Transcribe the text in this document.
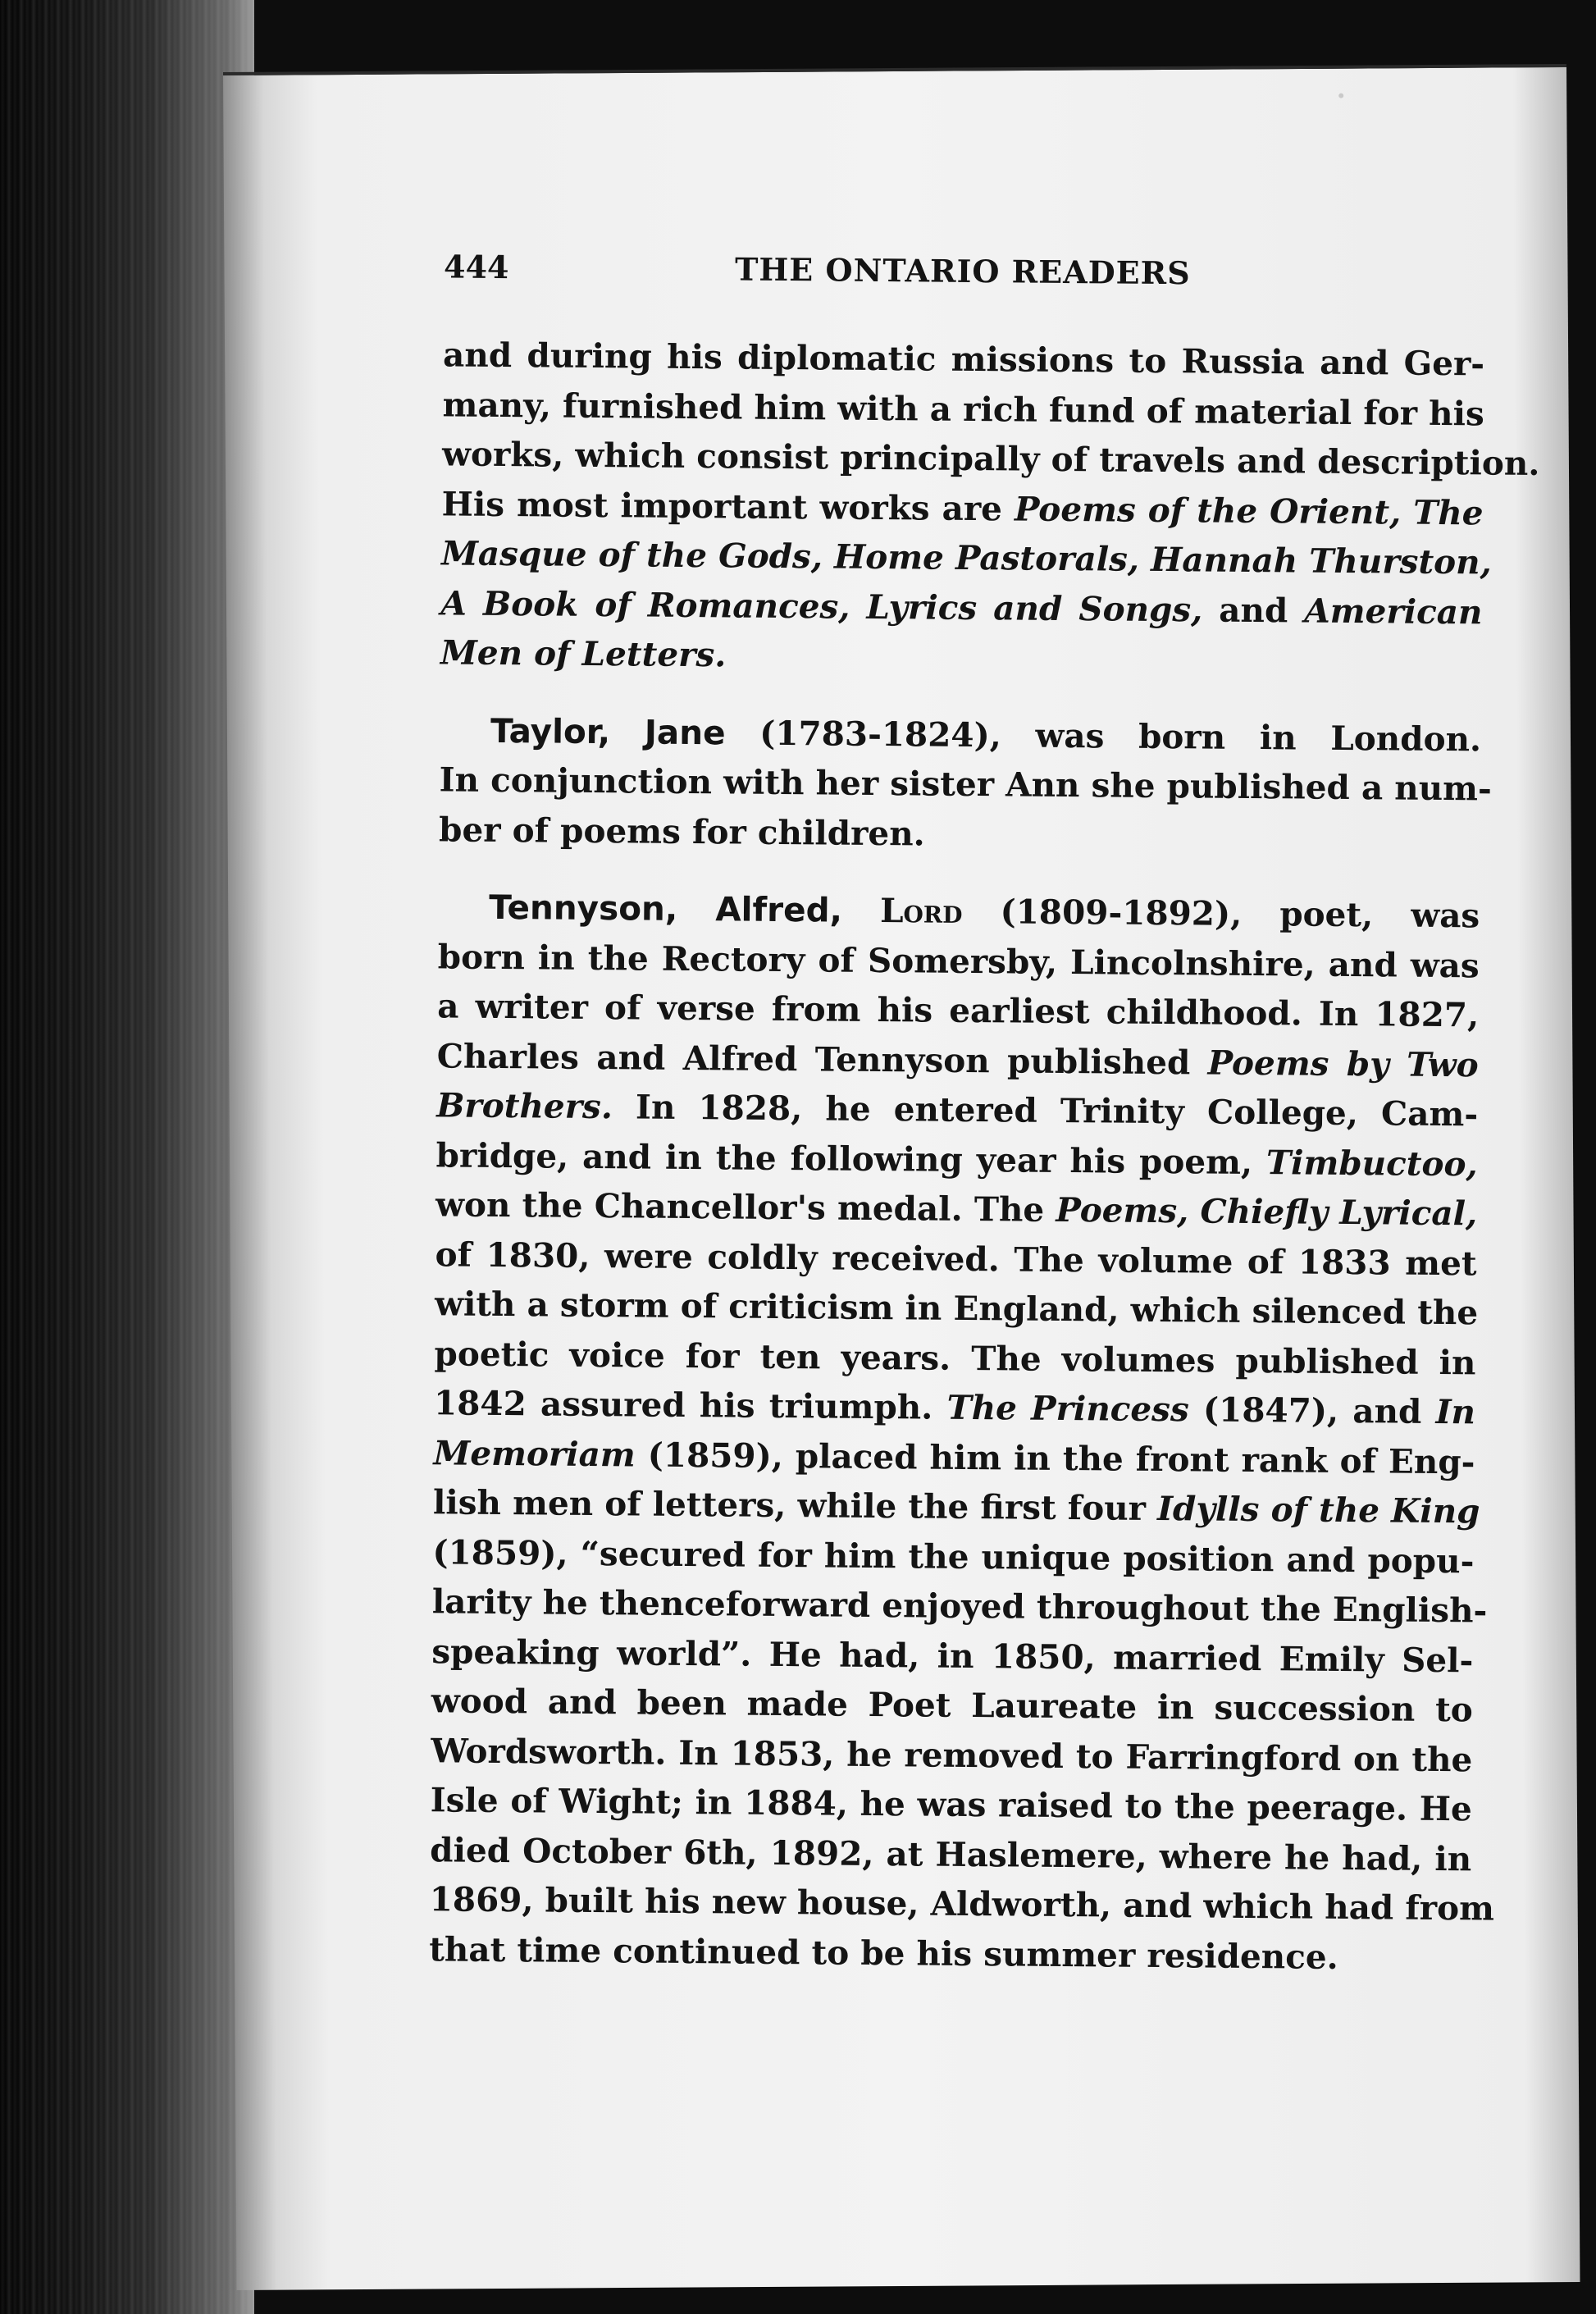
444	THE ONTARIO READERS
and during his diplomatic missions to Russia and Ger-
many, furnished him with a rich fund of material for his
works, which consist principally of travels and description.
His most important works are Poems of the Orient, The
Masque of the Gods, Home Pastorals, Hannah Thurston,
A Book of Romances, Lyrics and Songs, and American
Men of Letters.
Taylor, Jane (1783-1824), was born in London.
In conjunction with her sister Ann she published a num-
ber of poems for children.
Tennyson, Alfred, Lord (1809-1892), poet, was
born in the Rectory of Somersby, Lincolnshire, and was
a writer of verse from his earliest childhood. In 1827,
Charles and Alfred Tennyson published Poems by Two
Brothers. In 1828, he entered Trinity College, Cam-
bridge, and in the following year his poem, Timbuctoo,
won the Chancellor's medal. The Poems, Chiefly Lyrical,
of 1830, were coldly received. The volume of 1833 met
with a storm of criticism in England, which silenced the
poetic voice for ten years. The volumes published in
1842 assured his triumph. The Princess (1847), and In
Memoriam (1859), placed him in the front rank of Eng-
lish men of letters, while the first four Idylls of the King
(1859), “secured for him the unique position and popu-
larity he thenceforward enjoyed throughout the English-
speaking world”. He had, in 1850, married Emily Sel-
wood and been made Poet Laureate in succession to
Wordsworth. In 1853, he removed to Farringford on the
Isle of Wight; in 1884, he was raised to the peerage. He
died October 6th, 1892, at Haslemere, where he had, in
1869, built his new house, Aldworth, and which had from
that time continued to be his summer residence.
